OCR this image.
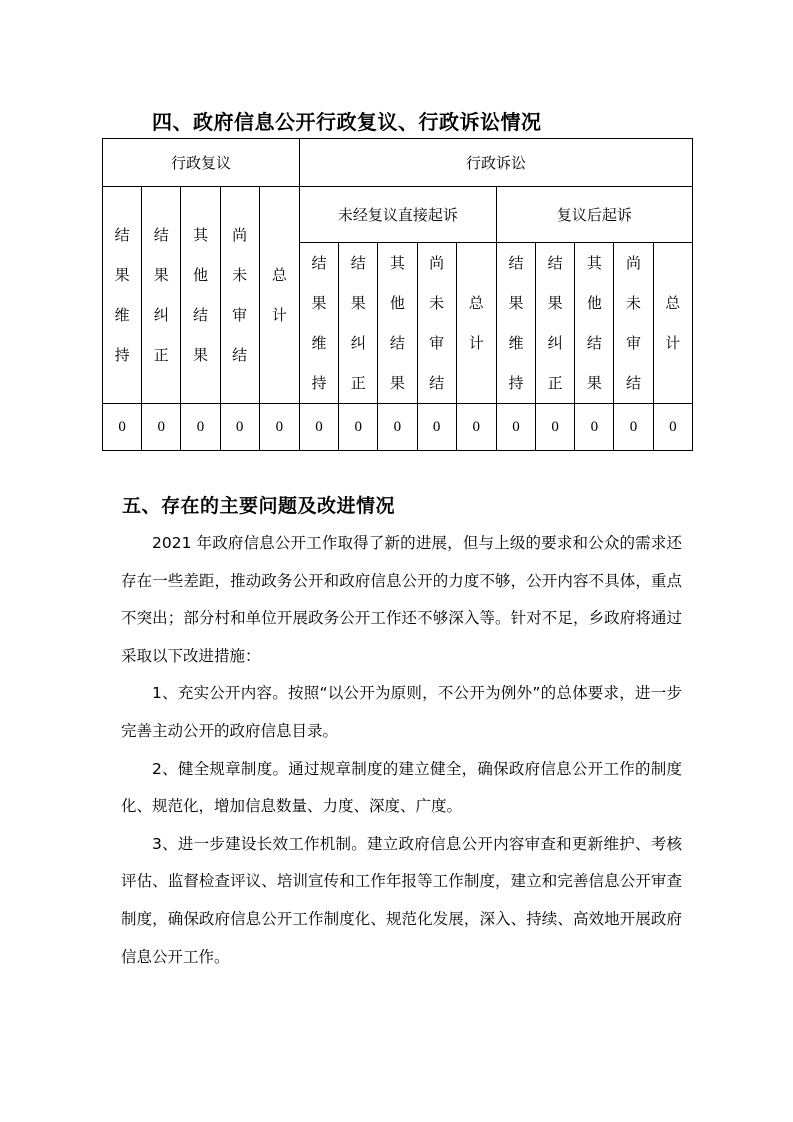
四、政府信息公开行政复议、行政诉讼情况
行政复议					行政诉讼									
结果维持	结果纠正	其他结果	尚未审结	总计	未经复议直接起诉					复议后起诉				
					结果维持	结果纠正	其他结果	尚未审结	总计	结果维持	结果纠正	其他结果	尚未审结	总计
0	0	0	0	0	0	0	0	0	0	0	0	0	0	0
五、存在的主要问题及改进情况

2021 年政府信息公开工作取得了新的进展，但与上级的要求和公众的需求还存在一些差距，推动政务公开和政府信息公开的力度不够，公开内容不具体，重点不突出；部分村和单位开展政务公开工作还不够深入等。针对不足，乡政府将通过采取以下改进措施：

1、充实公开内容。按照“以公开为原则，不公开为例外”的总体要求，进一步完善主动公开的政府信息目录。

2、健全规章制度。通过规章制度的建立健全，确保政府信息公开工作的制度化、规范化，增加信息数量、力度、深度、广度。

3、进一步建设长效工作机制。建立政府信息公开内容审查和更新维护、考核评估、监督检查评议、培训宣传和工作年报等工作制度，建立和完善信息公开审查制度，确保政府信息公开工作制度化、规范化发展，深入、持续、高效地开展政府信息公开工作。
